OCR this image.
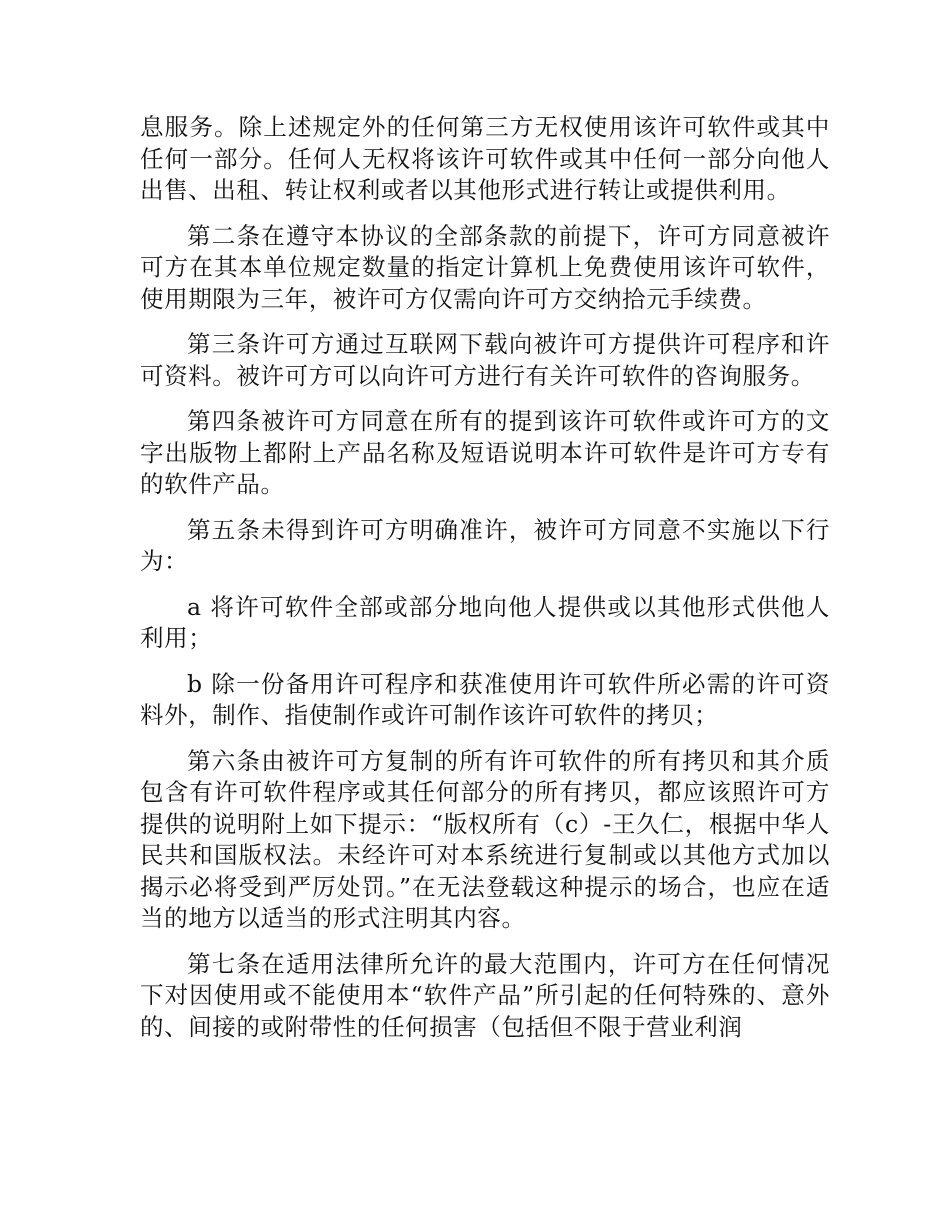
息服务。除上述规定外的任何第三方无权使用该许可软件或其中任何一部分。任何人无权将该许可软件或其中任何一部分向他人出售、出租、转让权利或者以其他形式进行转让或提供利用。

第二条在遵守本协议的全部条款的前提下，许可方同意被许可方在其本单位规定数量的指定计算机上免费使用该许可软件，使用期限为三年，被许可方仅需向许可方交纳拾元手续费。

第三条许可方通过互联网下载向被许可方提供许可程序和许可资料。被许可方可以向许可方进行有关许可软件的咨询服务。

第四条被许可方同意在所有的提到该许可软件或许可方的文字出版物上都附上产品名称及短语说明本许可软件是许可方专有的软件产品。

第五条未得到许可方明确准许，被许可方同意不实施以下行为：

a 将许可软件全部或部分地向他人提供或以其他形式供他人利用；

b 除一份备用许可程序和获准使用许可软件所必需的许可资料外，制作、指使制作或许可制作该许可软件的拷贝；

第六条由被许可方复制的所有许可软件的所有拷贝和其介质包含有许可软件程序或其任何部分的所有拷贝，都应该照许可方提供的说明附上如下提示：“版权所有（c）-王久仁，根据中华人民共和国版权法。未经许可对本系统进行复制或以其他方式加以揭示必将受到严厉处罚。”在无法登载这种提示的场合，也应在适当的地方以适当的形式注明其内容。

第七条在适用法律所允许的最大范围内，许可方在任何情况下对因使用或不能使用本“软件产品”所引起的任何特殊的、意外的、间接的或附带性的任何损害（包括但不限于营业利润
